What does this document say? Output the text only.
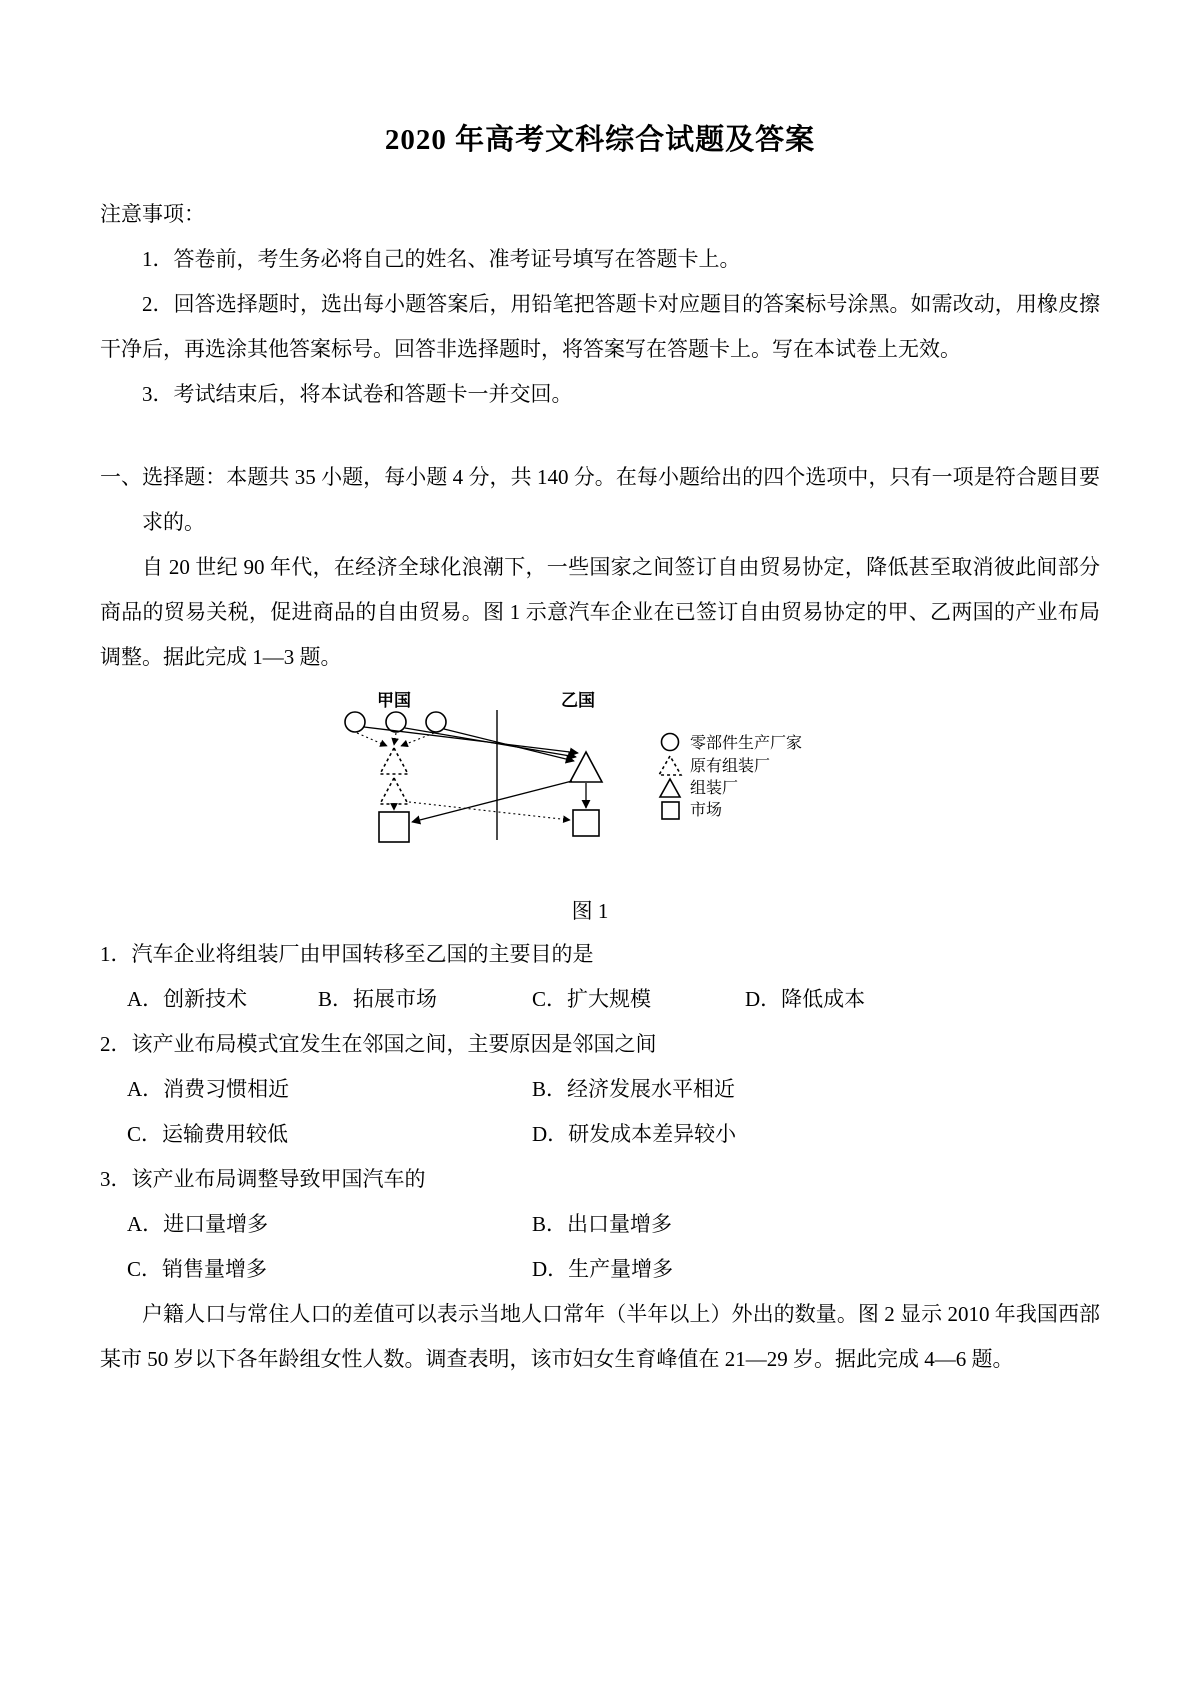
2020 年高考文科综合试题及答案

注意事项：

1．答卷前，考生务必将自己的姓名、准考证号填写在答题卡上。

2．回答选择题时，选出每小题答案后，用铅笔把答题卡对应题目的答案标号涂黑。如需改动，用橡皮擦干净后，再选涂其他答案标号。回答非选择题时，将答案写在答题卡上。写在本试卷上无效。

3．考试结束后，将本试卷和答题卡一并交回。

一、选择题：本题共 35 小题，每小题 4 分，共 140 分。在每小题给出的四个选项中，只有一项是符合题目要求的。

自 20 世纪 90 年代，在经济全球化浪潮下，一些国家之间签订自由贸易协定，降低甚至取消彼此间部分商品的贸易关税，促进商品的自由贸易。图 1 示意汽车企业在已签订自由贸易协定的甲、乙两国的产业布局调整。据此完成 1—3 题。

甲国	乙国
零部件生产厂家
原有组装厂
组装厂
市场

图 1

1．汽车企业将组装厂由甲国转移至乙国的主要目的是

A．创新技术	B．拓展市场	C．扩大规模	D．降低成本

2．该产业布局模式宜发生在邻国之间，主要原因是邻国之间

A．消费习惯相近	B．经济发展水平相近
C．运输费用较低	D．研发成本差异较小

3．该产业布局调整导致甲国汽车的

A．进口量增多	B．出口量增多
C．销售量增多	D．生产量增多

户籍人口与常住人口的差值可以表示当地人口常年（半年以上）外出的数量。图 2 显示 2010 年我国西部某市 50 岁以下各年龄组女性人数。调查表明，该市妇女生育峰值在 21—29 岁。据此完成 4—6 题。
